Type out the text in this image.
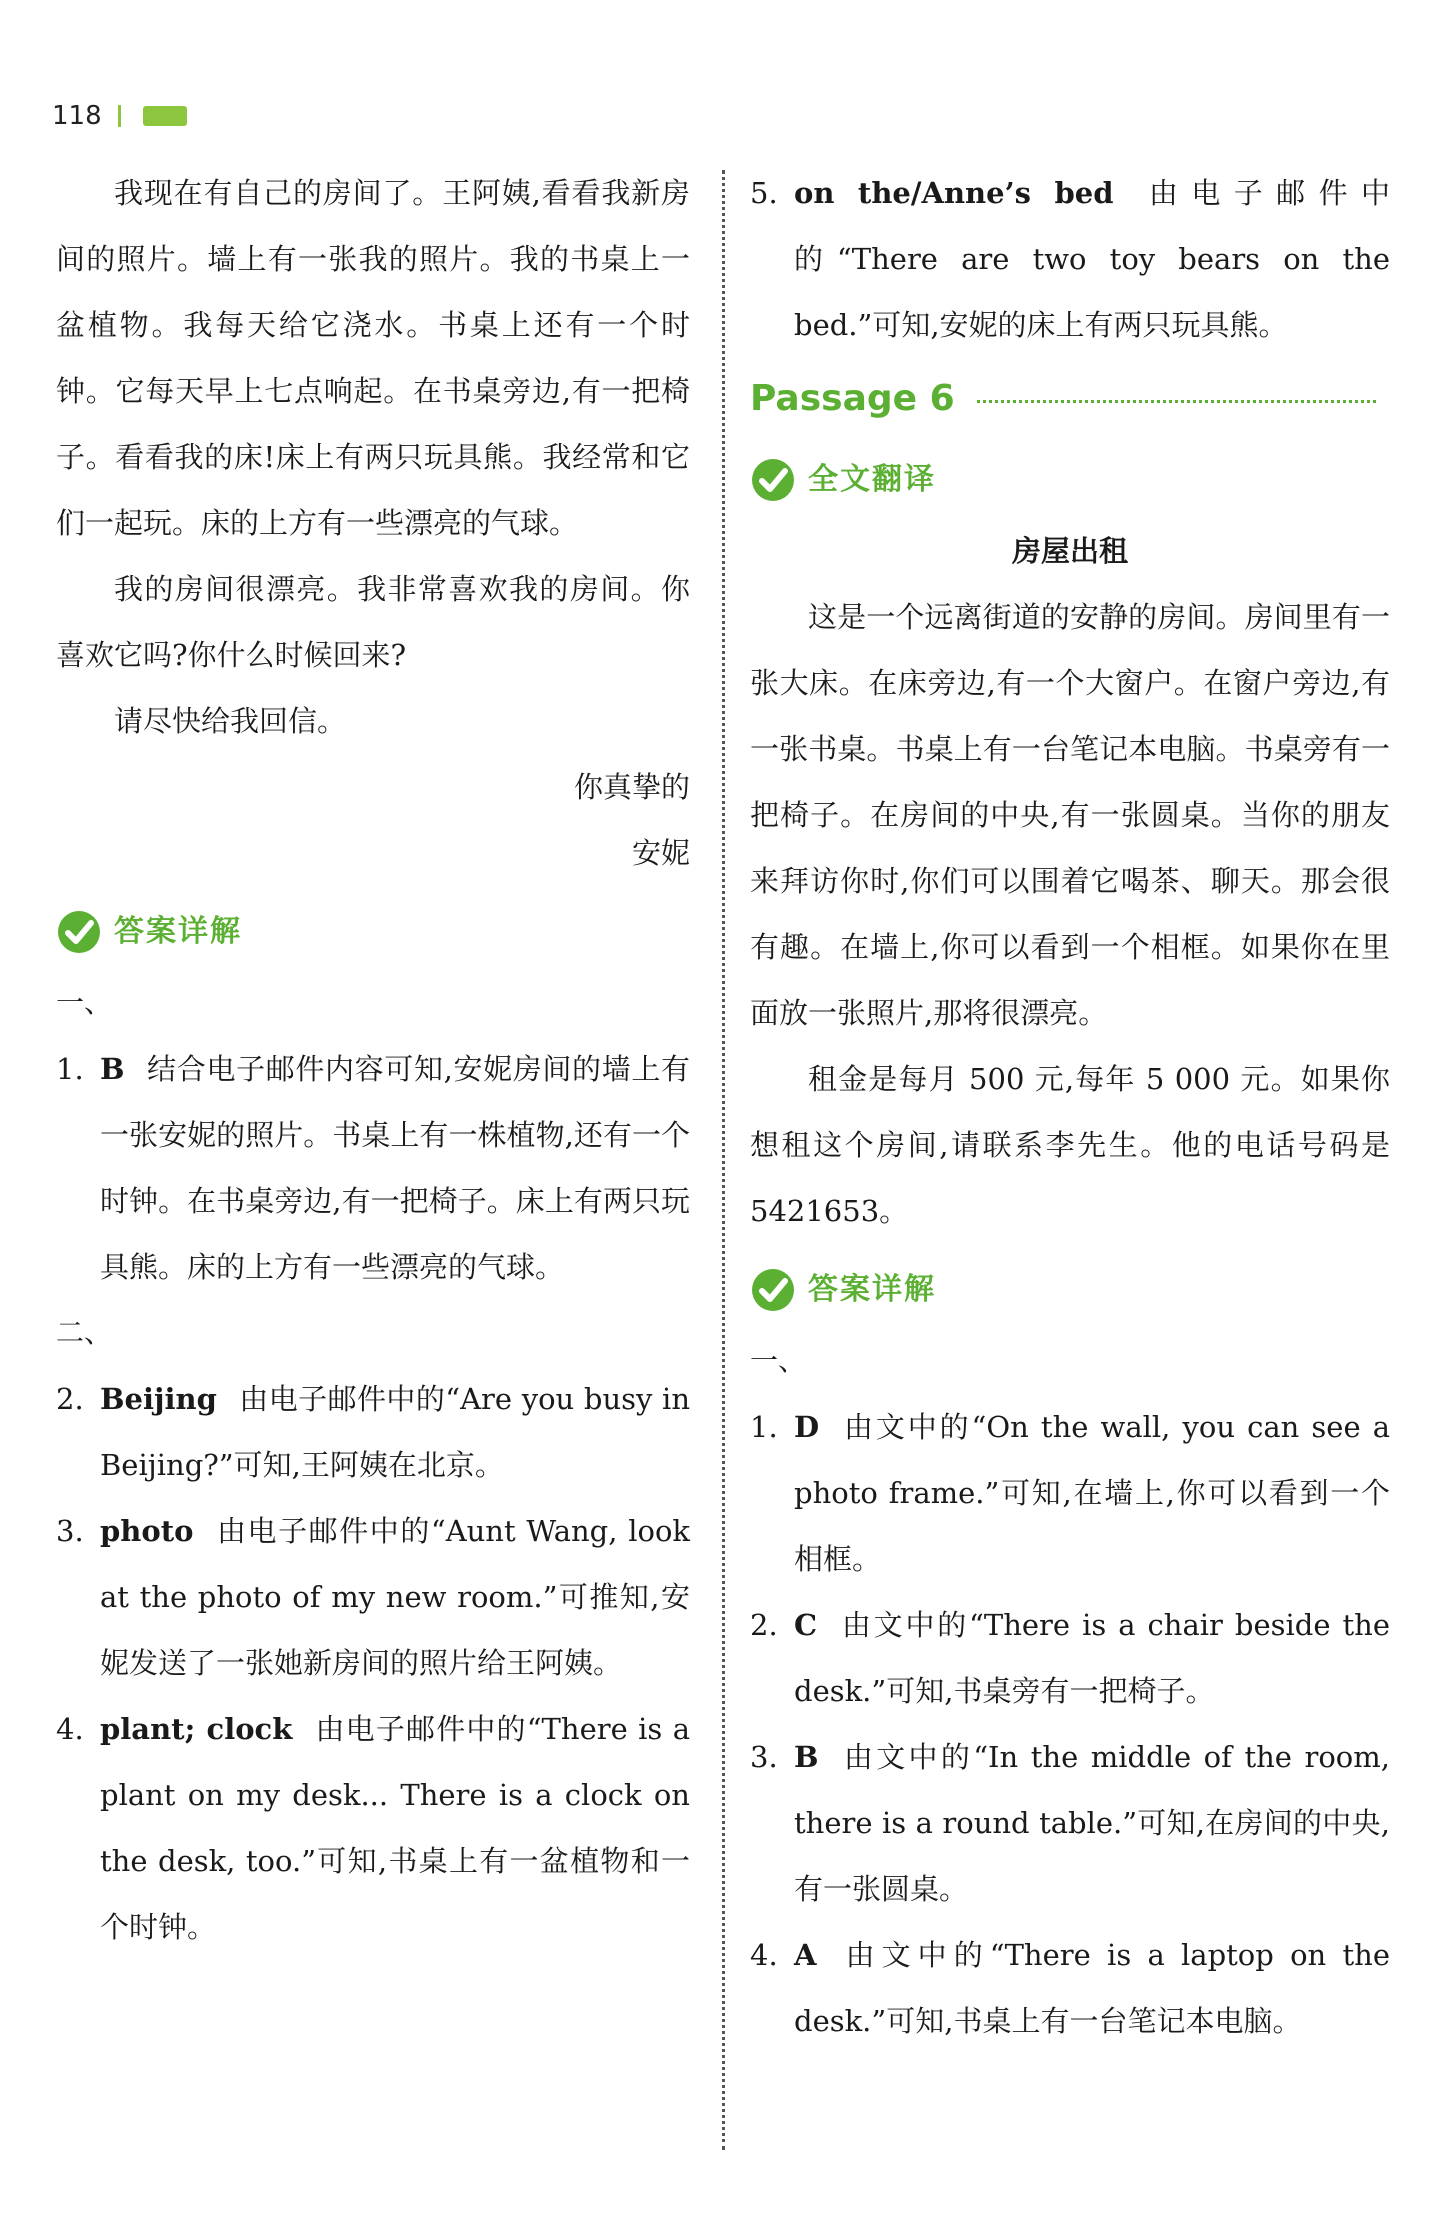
118

我现在有自己的房间了。王阿姨,看看我新房间的照片。墙上有一张我的照片。我的书桌上一盆植物。我每天给它浇水。书桌上还有一个时钟。它每天早上七点响起。在书桌旁边,有一把椅子。看看我的床!床上有两只玩具熊。我经常和它们一起玩。床的上方有一些漂亮的气球。

我的房间很漂亮。我非常喜欢我的房间。你喜欢它吗?你什么时候回来?

请尽快给我回信。

你真挚的

安妮

答案详解
一、
1. B 结合电子邮件内容可知,安妮房间的墙上有一张安妮的照片。书桌上有一株植物,还有一个时钟。在书桌旁边,有一把椅子。床上有两只玩具熊。床的上方有一些漂亮的气球。
二、
2. Beijing 由电子邮件中的“Are you busy in Beijing?”可知,王阿姨在北京。
3. photo 由电子邮件中的“Aunt Wang, look at the photo of my new room.”可推知,安妮发送了一张她新房间的照片给王阿姨。
4. plant; clock 由电子邮件中的“There is a plant on my desk... There is a clock on the desk, too.”可知,书桌上有一盆植物和一个时钟。
5. on the/Anne’s bed 由电子邮件中的“There are two toy bears on the bed.”可知,安妮的床上有两只玩具熊。
Passage 6
全文翻译

房屋出租

这是一个远离街道的安静的房间。房间里有一张大床。在床旁边,有一个大窗户。在窗户旁边,有一张书桌。书桌上有一台笔记本电脑。书桌旁有一把椅子。在房间的中央,有一张圆桌。当你的朋友来拜访你时,你们可以围着它喝茶、聊天。那会很有趣。在墙上,你可以看到一个相框。如果你在里面放一张照片,那将很漂亮。

租金是每月 500 元,每年 5 000 元。如果你想租这个房间,请联系李先生。他的电话号码是5421653。

答案详解
一、
1. D 由文中的“On the wall, you can see a photo frame.”可知,在墙上,你可以看到一个相框。
2. C 由文中的“There is a chair beside the desk.”可知,书桌旁有一把椅子。
3. B 由文中的“In the middle of the room, there is a round table.”可知,在房间的中央,有一张圆桌。
4. A 由文中的“There is a laptop on the desk.”可知,书桌上有一台笔记本电脑。
